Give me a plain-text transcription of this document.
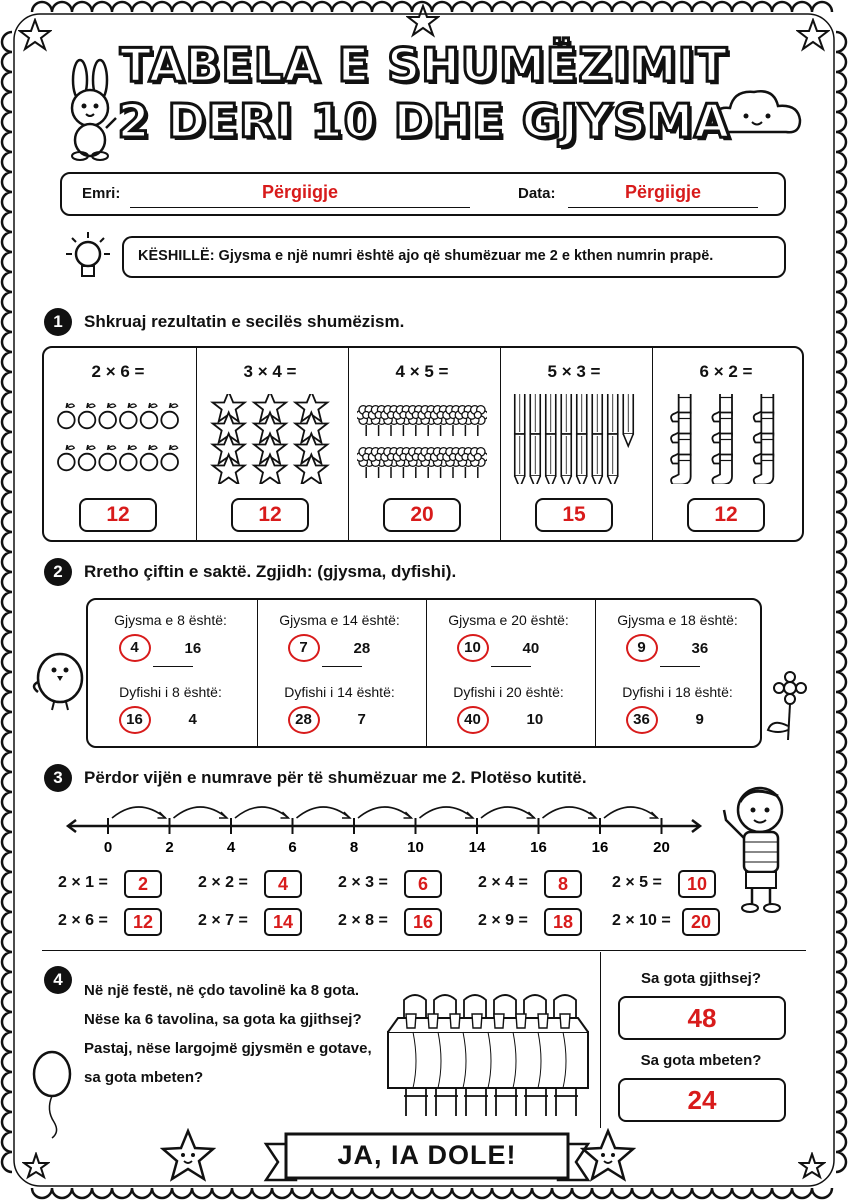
TABELA E SHUMËZIMIT
2 DERI 10 DHE GJYSMA
Emri:	Përgiigje	Data:	Përgiigje
KËSHILLË: Gjysma e një numri është ajo që shumëzuar me 2 e kthen numrin prapë.
1	Shkruaj rezultatin e secilës shumëzism.
2 × 6 =
12
3 × 4 =
12
4 × 5 =
20
5 × 3 =
15
6 × 2 =
12
2	Rretho çiftin e saktë. Zgjidh: (gjysma, dyfishi).
Gjysma e 8 është:
4	16
Dyfishi i 8 është:
16	4
Gjysma e 14 është:
7	28
Dyfishi i 14 është:
28	7
Gjysma e 20 është:
10	40
Dyfishi i 20 është:
40	10
Gjysma e 18 është:
9	36
Dyfishi i 18 është:
36	9
3	Përdor vijën e numrave për të shumëzuar me 2. Plotëso kutitë.
0	2	4	6	8	10	14	16	16	20
2 × 1 =	2	2 × 2 =	4	2 × 3 =	6	2 × 4 =	8	2 × 5 =	10
2 × 6 =	12	2 × 7 =	14	2 × 8 =	16	2 × 9 =	18	2 × 10 =	20
4
Në një festë, në çdo tavolinë ka 8 gota.
Nëse ka 6 tavolina, sa gota ka gjithsej?
Pastaj, nëse largojmë gjysmën e gotave,
sa gota mbeten?
Sa gota gjithsej?
48
Sa gota mbeten?
24
JA, IA DOLE!
